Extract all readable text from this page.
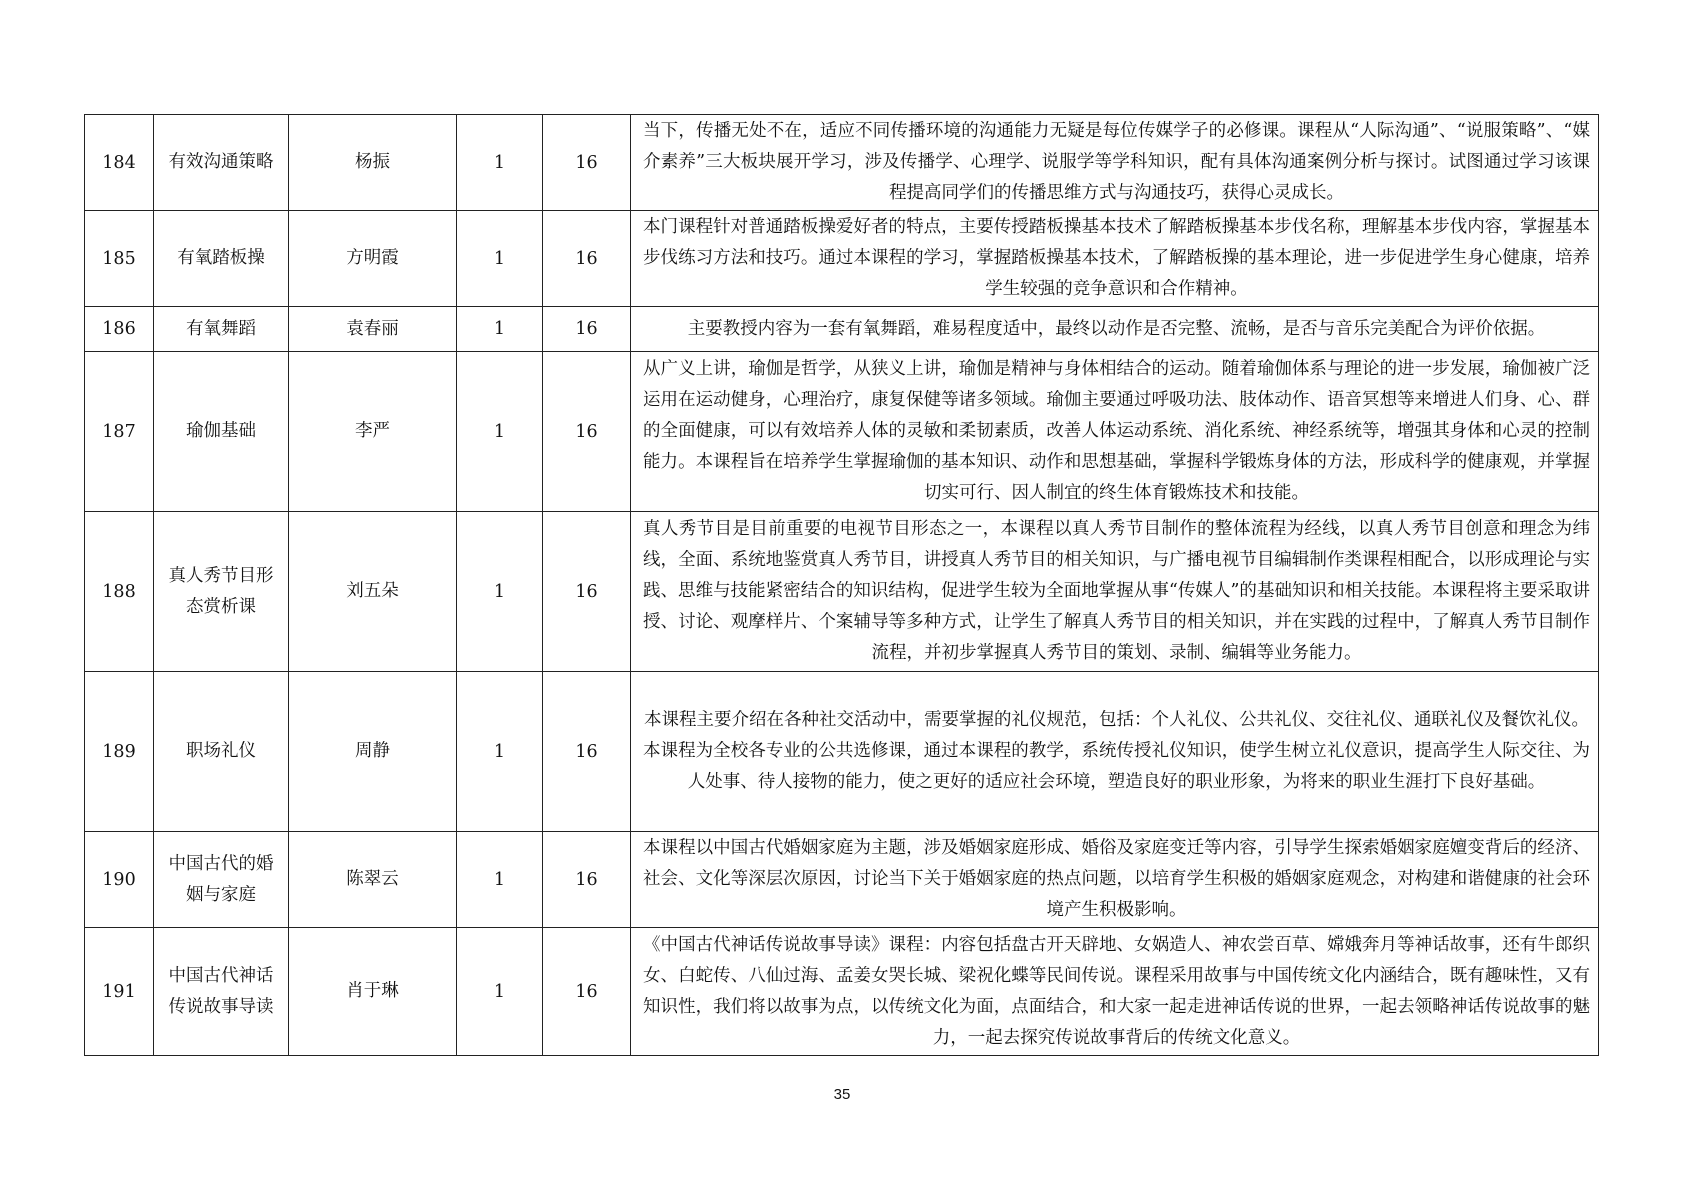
184	有效沟通策略	杨振	1	16	当下，传播无处不在，适应不同传播环境的沟通能力无疑是每位传媒学子的必修课。课程从“人际沟通”、“说服策略”、“媒介素养”三大板块展开学习，涉及传播学、心理学、说服学等学科知识，配有具体沟通案例分析与探讨。试图通过学习该课程提高同学们的传播思维方式与沟通技巧，获得心灵成长。

185	有氧踏板操	方明霞	1	16	本门课程针对普通踏板操爱好者的特点，主要传授踏板操基本技术了解踏板操基本步伐名称，理解基本步伐内容，掌握基本步伐练习方法和技巧。通过本课程的学习，掌握踏板操基本技术，了解踏板操的基本理论，进一步促进学生身心健康，培养学生较强的竞争意识和合作精神。

186	有氧舞蹈	袁春丽	1	16	主要教授内容为一套有氧舞蹈，难易程度适中，最终以动作是否完整、流畅，是否与音乐完美配合为评价依据。

187	瑜伽基础	李严	1	16	从广义上讲，瑜伽是哲学，从狭义上讲，瑜伽是精神与身体相结合的运动。随着瑜伽体系与理论的进一步发展，瑜伽被广泛运用在运动健身，心理治疗，康复保健等诸多领域。瑜伽主要通过呼吸功法、肢体动作、语音冥想等来增进人们身、心、群的全面健康，可以有效培养人体的灵敏和柔韧素质，改善人体运动系统、消化系统、神经系统等，增强其身体和心灵的控制能力。本课程旨在培养学生掌握瑜伽的基本知识、动作和思想基础，掌握科学锻炼身体的方法，形成科学的健康观，并掌握切实可行、因人制宜的终生体育锻炼技术和技能。

188	真人秀节目形态赏析课	刘五朵	1	16	真人秀节目是目前重要的电视节目形态之一，本课程以真人秀节目制作的整体流程为经线，以真人秀节目创意和理念为纬线，全面、系统地鉴赏真人秀节目，讲授真人秀节目的相关知识，与广播电视节目编辑制作类课程相配合，以形成理论与实践、思维与技能紧密结合的知识结构，促进学生较为全面地掌握从事“传媒人”的基础知识和相关技能。本课程将主要采取讲授、讨论、观摩样片、个案辅导等多种方式，让学生了解真人秀节目的相关知识，并在实践的过程中，了解真人秀节目制作流程，并初步掌握真人秀节目的策划、录制、编辑等业务能力。

189	职场礼仪	周静	1	16	本课程主要介绍在各种社交活动中，需要掌握的礼仪规范，包括：个人礼仪、公共礼仪、交往礼仪、通联礼仪及餐饮礼仪。
本课程为全校各专业的公共选修课，通过本课程的教学，系统传授礼仪知识，使学生树立礼仪意识，提高学生人际交往、为人处事、待人接物的能力，使之更好的适应社会环境，塑造良好的职业形象，为将来的职业生涯打下良好基础。

190	中国古代的婚姻与家庭	陈翠云	1	16	本课程以中国古代婚姻家庭为主题，涉及婚姻家庭形成、婚俗及家庭变迁等内容，引导学生探索婚姻家庭嬗变背后的经济、社会、文化等深层次原因，讨论当下关于婚姻家庭的热点问题，以培育学生积极的婚姻家庭观念，对构建和谐健康的社会环境产生积极影响。

191	中国古代神话传说故事导读	肖于琳	1	16	《中国古代神话传说故事导读》课程：内容包括盘古开天辟地、女娲造人、神农尝百草、嫦娥奔月等神话故事，还有牛郎织女、白蛇传、八仙过海、孟姜女哭长城、梁祝化蝶等民间传说。课程采用故事与中国传统文化内涵结合，既有趣味性，又有知识性，我们将以故事为点，以传统文化为面，点面结合，和大家一起走进神话传说的世界，一起去领略神话传说故事的魅力，一起去探究传说故事背后的传统文化意义。
35
